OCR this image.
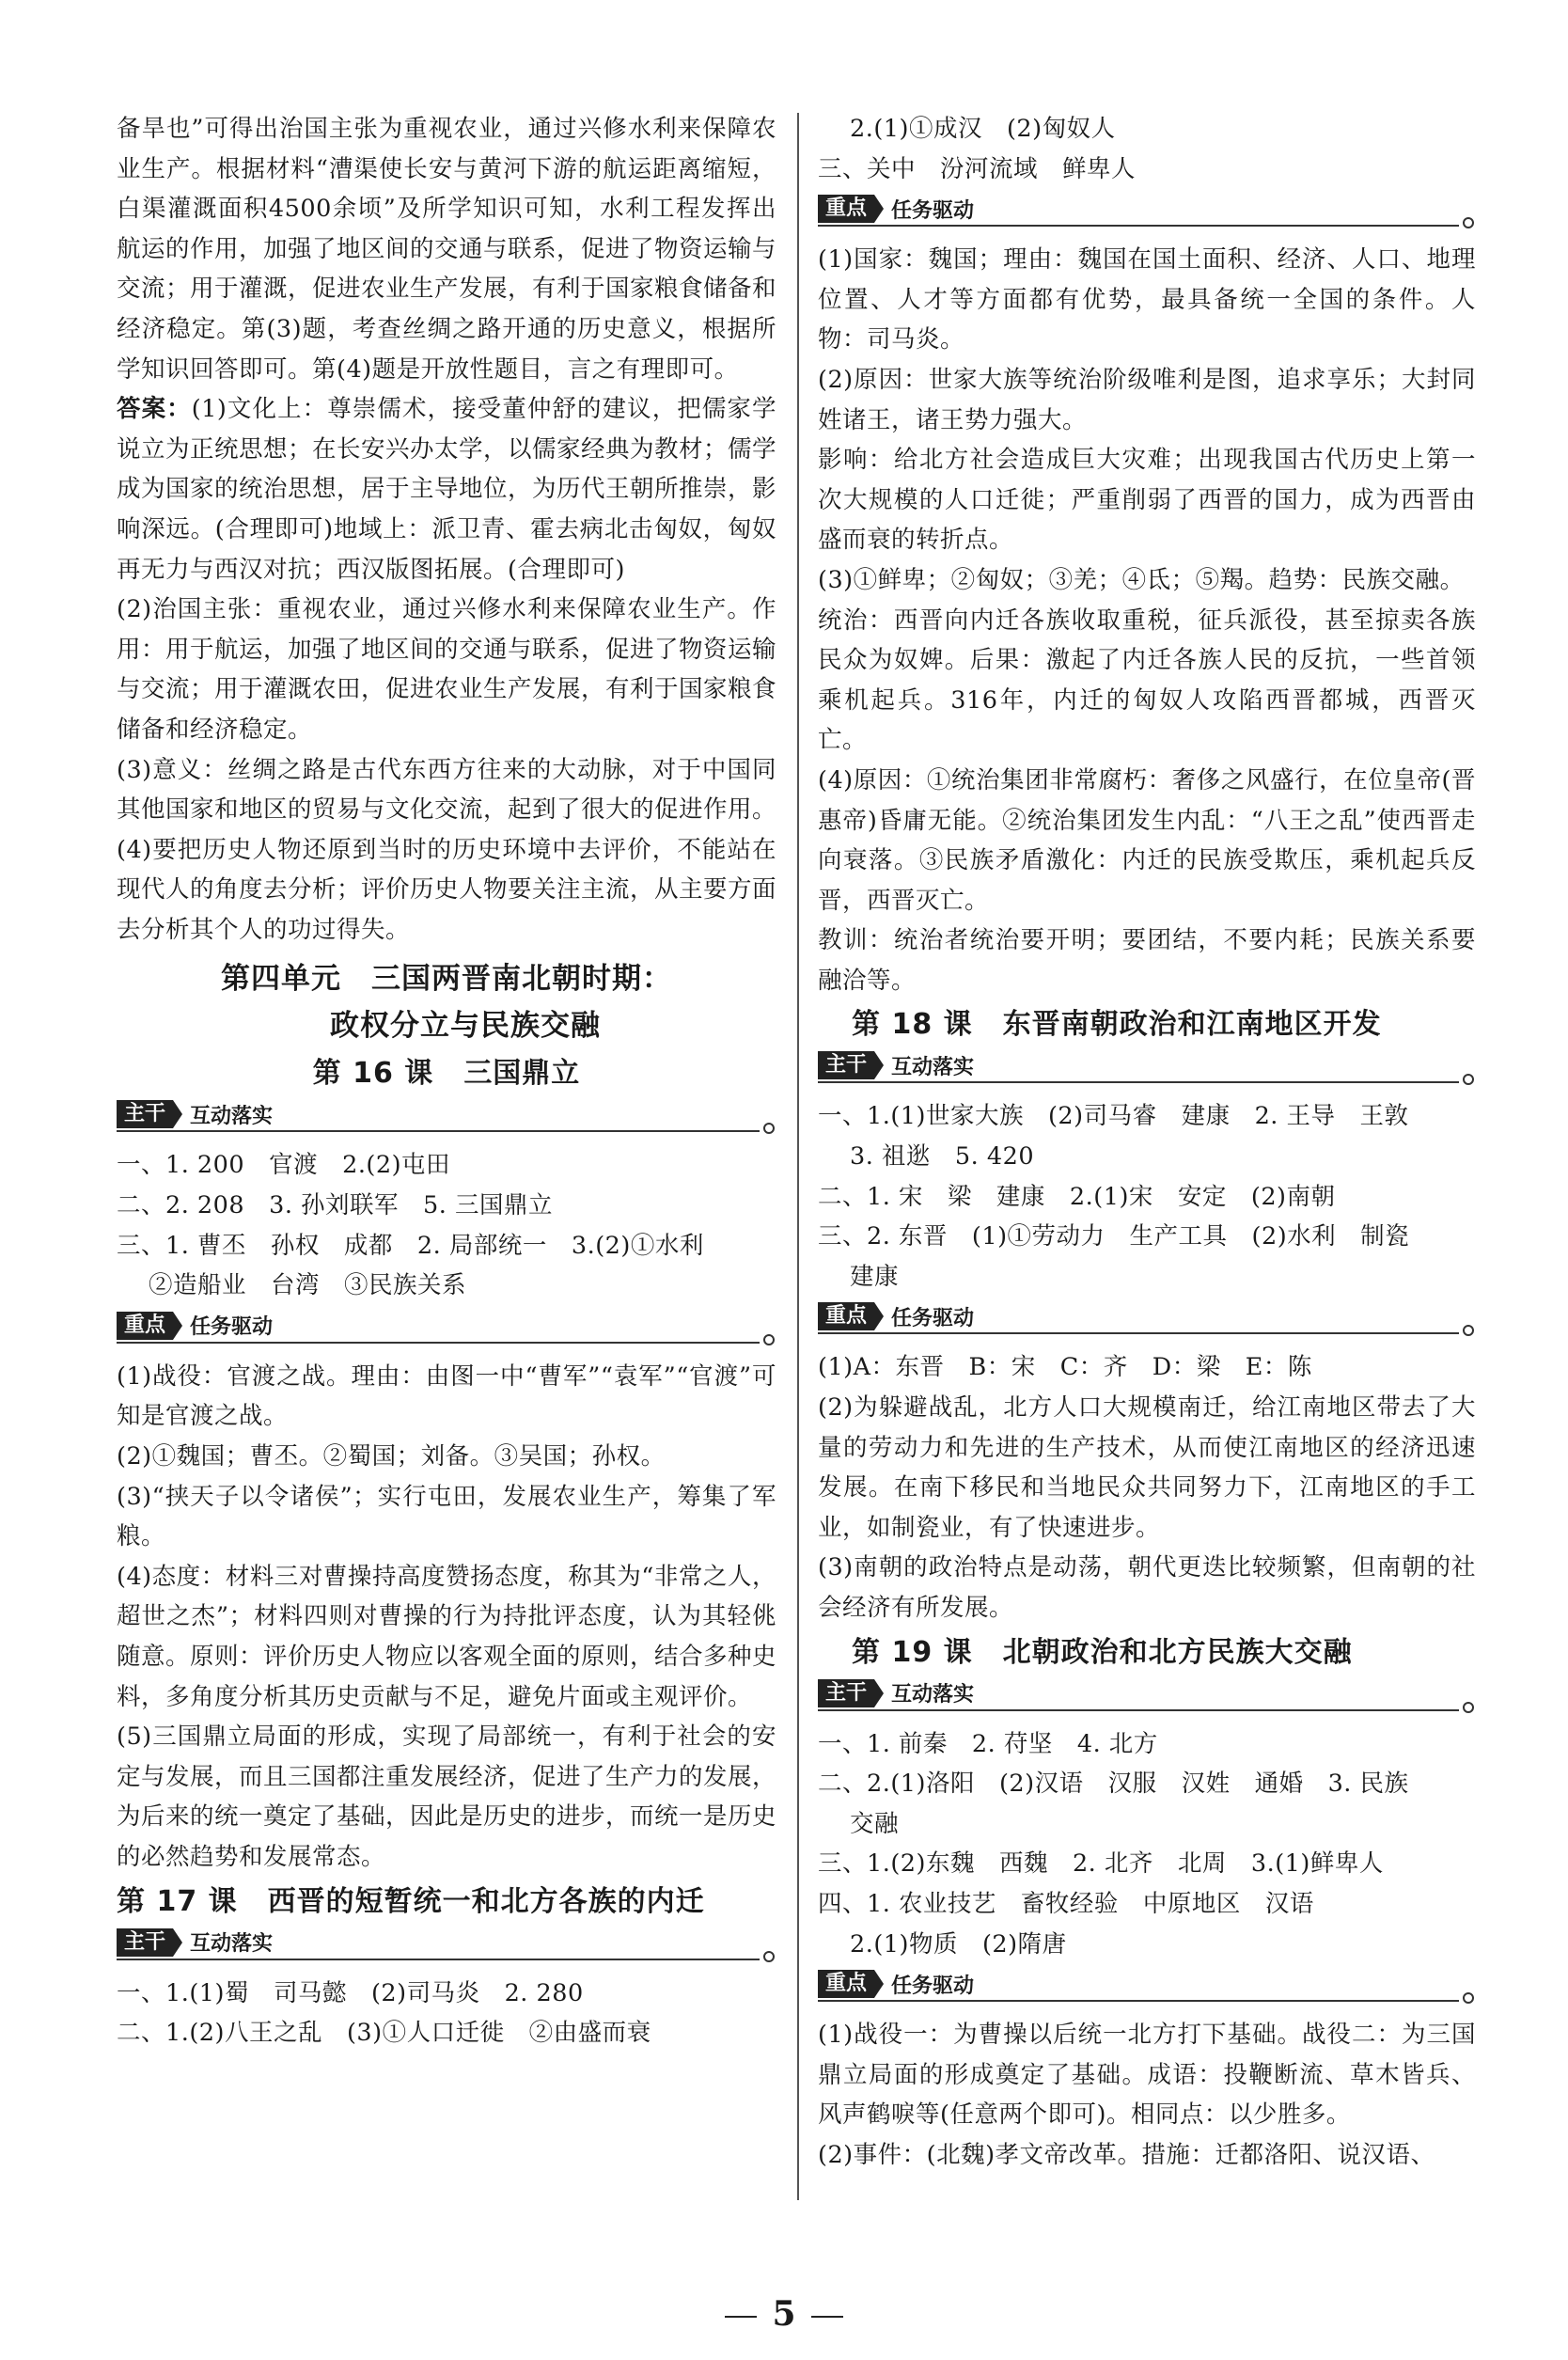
备旱也”可得出治国主张为重视农业，通过兴修水利来保障农业生产。根据材料“漕渠使长安与黄河下游的航运距离缩短，白渠灌溉面积4500余顷”及所学知识可知，水利工程发挥出航运的作用，加强了地区间的交通与联系，促进了物资运输与交流；用于灌溉，促进农业生产发展，有利于国家粮食储备和经济稳定。第(3)题，考查丝绸之路开通的历史意义，根据所学知识回答即可。第(4)题是开放性题目，言之有理即可。

答案：(1)文化上：尊崇儒术，接受董仲舒的建议，把儒家学说立为正统思想；在长安兴办太学，以儒家经典为教材；儒学成为国家的统治思想，居于主导地位，为历代王朝所推崇，影响深远。(合理即可)地域上：派卫青、霍去病北击匈奴，匈奴再无力与西汉对抗；西汉版图拓展。(合理即可)

(2)治国主张：重视农业，通过兴修水利来保障农业生产。作用：用于航运，加强了地区间的交通与联系，促进了物资运输与交流；用于灌溉农田，促进农业生产发展，有利于国家粮食储备和经济稳定。

(3)意义：丝绸之路是古代东西方往来的大动脉，对于中国同其他国家和地区的贸易与文化交流，起到了很大的促进作用。

(4)要把历史人物还原到当时的历史环境中去评价，不能站在现代人的角度去分析；评价历史人物要关注主流，从主要方面去分析其个人的功过得失。

第四单元　三国两晋南北朝时期：
政权分立与民族交融
第 16 课 三国鼎立
主干	互动落实

一、1. 200　官渡　2.(2)屯田

二、2. 208　3. 孙刘联军　5. 三国鼎立

三、1. 曹丕　孙权　成都　2. 局部统一　3.(2)①水利

②造船业　台湾　③民族关系

重点	任务驱动

(1)战役：官渡之战。理由：由图一中“曹军”“袁军”“官渡”可知是官渡之战。

(2)①魏国；曹丕。②蜀国；刘备。③吴国；孙权。

(3)“挟天子以令诸侯”；实行屯田，发展农业生产，筹集了军粮。

(4)态度：材料三对曹操持高度赞扬态度，称其为“非常之人，超世之杰”；材料四则对曹操的行为持批评态度，认为其轻佻随意。原则：评价历史人物应以客观全面的原则，结合多种史料，多角度分析其历史贡献与不足，避免片面或主观评价。

(5)三国鼎立局面的形成，实现了局部统一，有利于社会的安定与发展，而且三国都注重发展经济，促进了生产力的发展，为后来的统一奠定了基础，因此是历史的进步，而统一是历史的必然趋势和发展常态。

第 17 课 西晋的短暂统一和北方各族的内迁
主干	互动落实

一、1.(1)蜀　司马懿　(2)司马炎　2. 280

二、1.(2)八王之乱　(3)①人口迁徙　②由盛而衰

2.(1)①成汉　(2)匈奴人

三、关中　汾河流域　鲜卑人

重点	任务驱动

(1)国家：魏国；理由：魏国在国土面积、经济、人口、地理位置、人才等方面都有优势，最具备统一全国的条件。人物：司马炎。

(2)原因：世家大族等统治阶级唯利是图，追求享乐；大封同姓诸王，诸王势力强大。

影响：给北方社会造成巨大灾难；出现我国古代历史上第一次大规模的人口迁徙；严重削弱了西晋的国力，成为西晋由盛而衰的转折点。

(3)①鲜卑；②匈奴；③羌；④氐；⑤羯。趋势：民族交融。

统治：西晋向内迁各族收取重税，征兵派役，甚至掠卖各族民众为奴婢。后果：激起了内迁各族人民的反抗，一些首领乘机起兵。316年，内迁的匈奴人攻陷西晋都城，西晋灭亡。

(4)原因：①统治集团非常腐朽：奢侈之风盛行，在位皇帝(晋惠帝)昏庸无能。②统治集团发生内乱：“八王之乱”使西晋走向衰落。③民族矛盾激化：内迁的民族受欺压，乘机起兵反晋，西晋灭亡。

教训：统治者统治要开明；要团结，不要内耗；民族关系要融洽等。

第 18 课 东晋南朝政治和江南地区开发
主干	互动落实

一、1.(1)世家大族　(2)司马睿　建康　2. 王导　王敦

3. 祖逖　5. 420

二、1. 宋　梁　建康　2.(1)宋　安定　(2)南朝

三、2. 东晋　(1)①劳动力　生产工具　(2)水利　制瓷

建康

重点	任务驱动

(1)A：东晋　B：宋　C：齐　D：梁　E：陈

(2)为躲避战乱，北方人口大规模南迁，给江南地区带去了大量的劳动力和先进的生产技术，从而使江南地区的经济迅速发展。在南下移民和当地民众共同努力下，江南地区的手工业，如制瓷业，有了快速进步。

(3)南朝的政治特点是动荡，朝代更迭比较频繁，但南朝的社会经济有所发展。

第 19 课 北朝政治和北方民族大交融
主干	互动落实

一、1. 前秦　2. 苻坚　4. 北方

二、2.(1)洛阳　(2)汉语　汉服　汉姓　通婚　3. 民族

交融

三、1.(2)东魏　西魏　2. 北齐　北周　3.(1)鲜卑人

四、1. 农业技艺　畜牧经验　中原地区　汉语

2.(1)物质　(2)隋唐

重点	任务驱动

(1)战役一：为曹操以后统一北方打下基础。战役二：为三国鼎立局面的形成奠定了基础。成语：投鞭断流、草木皆兵、风声鹤唳等(任意两个即可)。相同点：以少胜多。

(2)事件：(北魏)孝文帝改革。措施：迁都洛阳、说汉语、

5
